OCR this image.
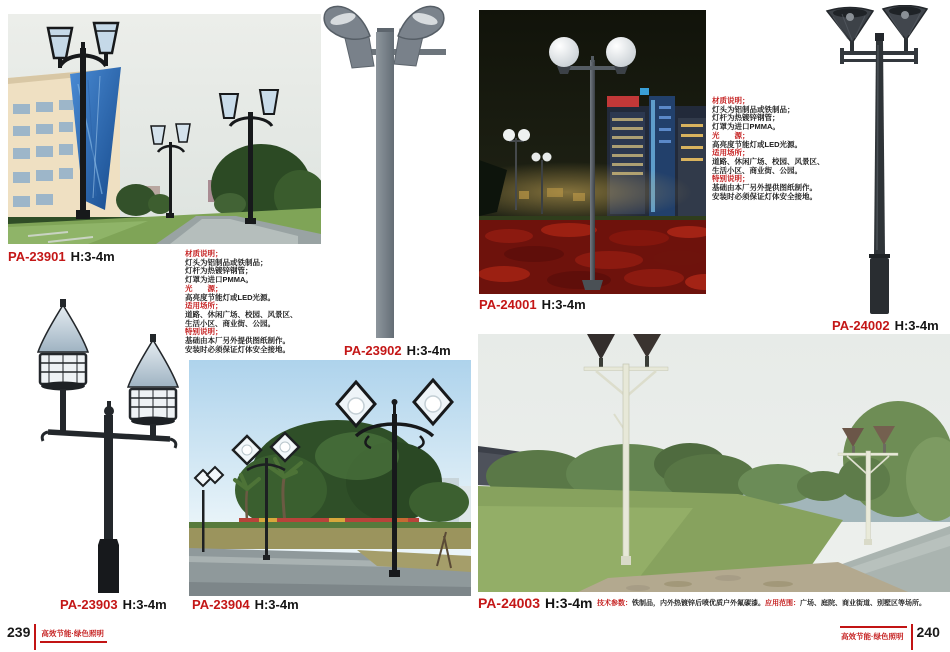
PA-23901 H:3-4m	材质说明；
灯头为铝制品或铁制品；
灯杆为热镀锌钢管；
灯罩为进口PMMA。
光　　源；
高亮度节能灯或LED光源。
适用场所；
道路、休闲广场、校园、风景区、
生活小区、商业街、公园。
特别说明；
基础由本厂另外提供图纸制作。
安装时必须保证灯体安全接地。
PA-23903 H:3-4m PA-23904 H:3-4m
PA-23902 H:3-4m
PA-24001 H:3-4m
材质说明；
灯头为铝制品或铁制品；
灯杆为热镀锌钢管；
灯罩为进口PMMA。
光　　源；
高亮度节能灯或LED光源。
适用场所；
道路、休闲广场、校园、风景区、
生活小区、商业街、公园。
特别说明；
基础由本厂另外提供图纸制作。
安装时必须保证灯体安全接地。
PA-24002 H:3-4m
PA-24003 H:3-4m 技术参数：铁制品，内外热镀锌后喷优质户外氟碳漆。应用范围：广场、庭院、商业街道、别墅区等场所。
239 高效节能·绿色照明	高效节能·绿色照明 240
